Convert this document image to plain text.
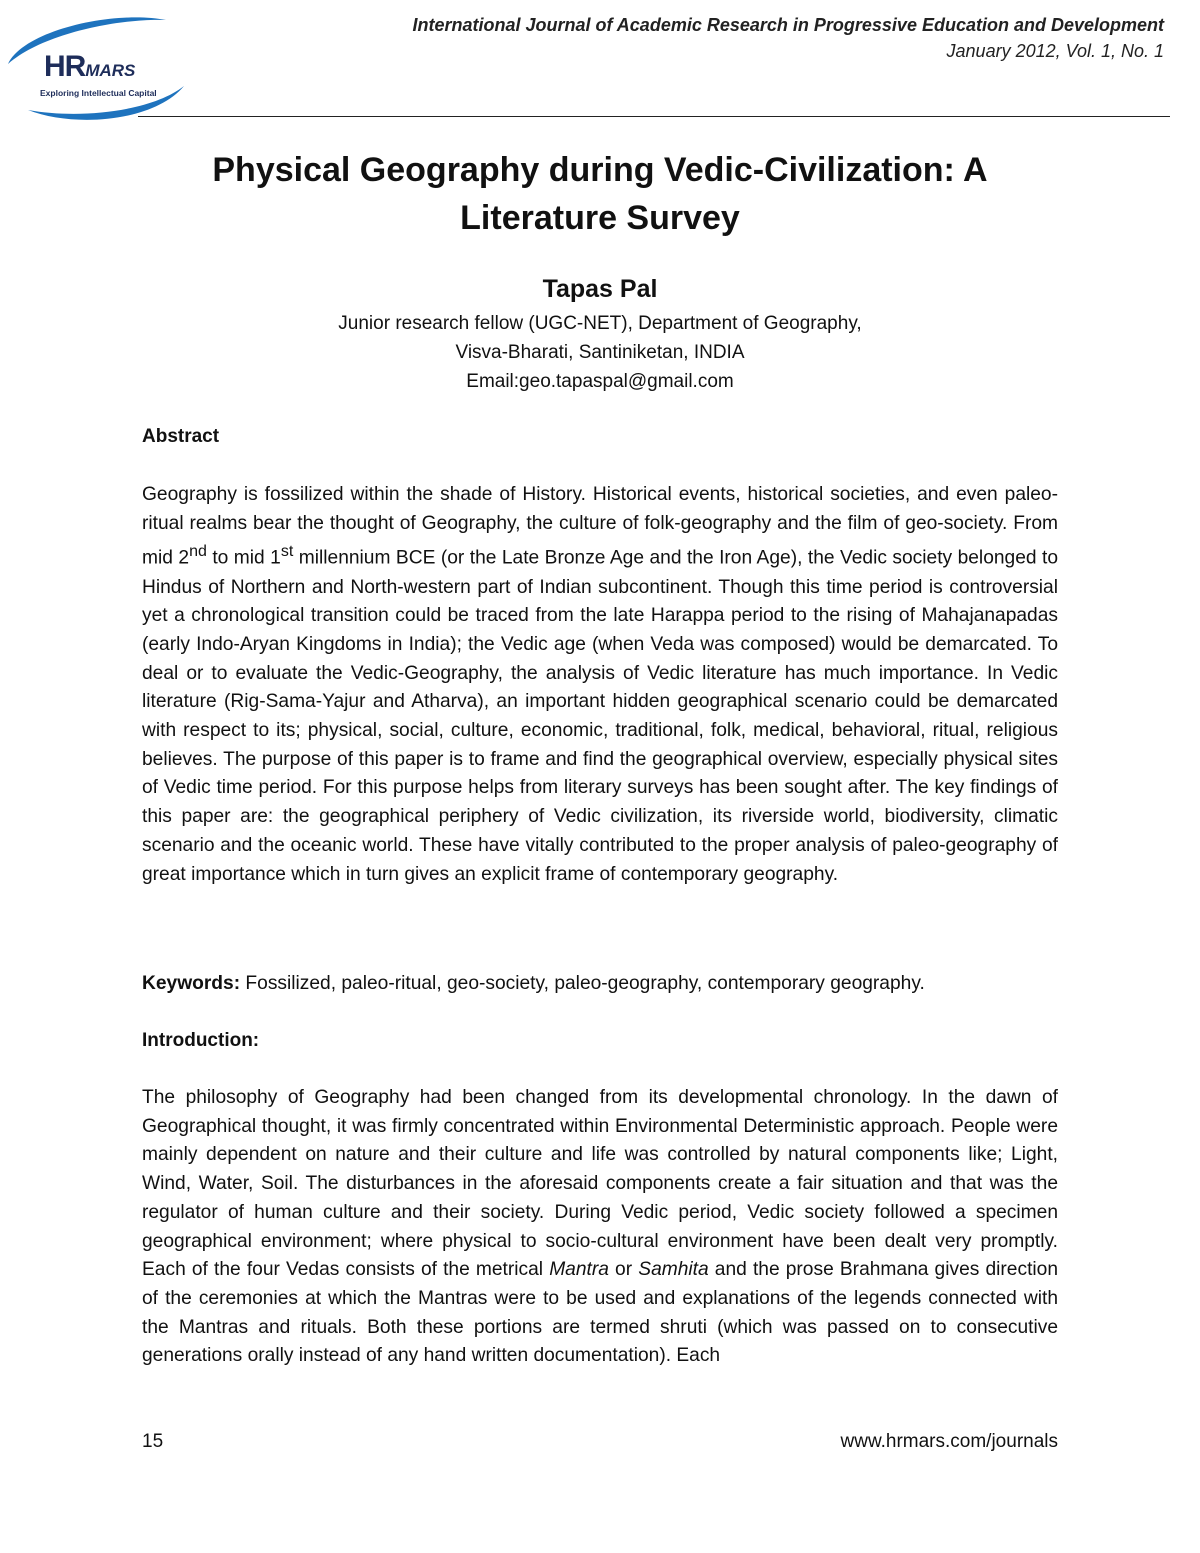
HRMARS
Exploring Intellectual Capital
International Journal of Academic Research in Progressive Education and Development
January 2012, Vol. 1, No. 1
Physical Geography during Vedic-Civilization: A
Literature Survey
Tapas Pal
Junior research fellow (UGC-NET), Department of Geography,
Visva-Bharati, Santiniketan, INDIA
Email:geo.tapaspal@gmail.com
Abstract
Geography is fossilized within the shade of History. Historical events, historical societies, and even paleo-ritual realms bear the thought of Geography, the culture of folk-geography and the film of geo-society. From mid 2nd to mid 1st millennium BCE (or the Late Bronze Age and the Iron Age), the Vedic society belonged to Hindus of Northern and North-western part of Indian subcontinent. Though this time period is controversial yet a chronological transition could be traced from the late Harappa period to the rising of Mahajanapadas (early Indo-Aryan Kingdoms in India); the Vedic age (when Veda was composed) would be demarcated. To deal or to evaluate the Vedic-Geography, the analysis of Vedic literature has much importance. In Vedic literature (Rig-Sama-Yajur and Atharva), an important hidden geographical scenario could be demarcated with respect to its; physical, social, culture, economic, traditional, folk, medical, behavioral, ritual, religious believes. The purpose of this paper is to frame and find the geographical overview, especially physical sites of Vedic time period. For this purpose helps from literary surveys has been sought after. The key findings of this paper are: the geographical periphery of Vedic civilization, its riverside world, biodiversity, climatic scenario and the oceanic world. These have vitally contributed to the proper analysis of paleo-geography of great importance which in turn gives an explicit frame of contemporary geography.
Keywords: Fossilized, paleo-ritual, geo-society, paleo-geography, contemporary geography.
Introduction:
The philosophy of Geography had been changed from its developmental chronology. In the dawn of Geographical thought, it was firmly concentrated within Environmental Deterministic approach. People were mainly dependent on nature and their culture and life was controlled by natural components like; Light, Wind, Water, Soil. The disturbances in the aforesaid components create a fair situation and that was the regulator of human culture and their society. During Vedic period, Vedic society followed a specimen geographical environment; where physical to socio-cultural environment have been dealt very promptly. Each of the four Vedas consists of the metrical Mantra or Samhita and the prose Brahmana gives direction of the ceremonies at which the Mantras were to be used and explanations of the legends connected with the Mantras and rituals. Both these portions are termed shruti (which was passed on to consecutive generations orally instead of any hand written documentation). Each
15	www.hrmars.com/journals
